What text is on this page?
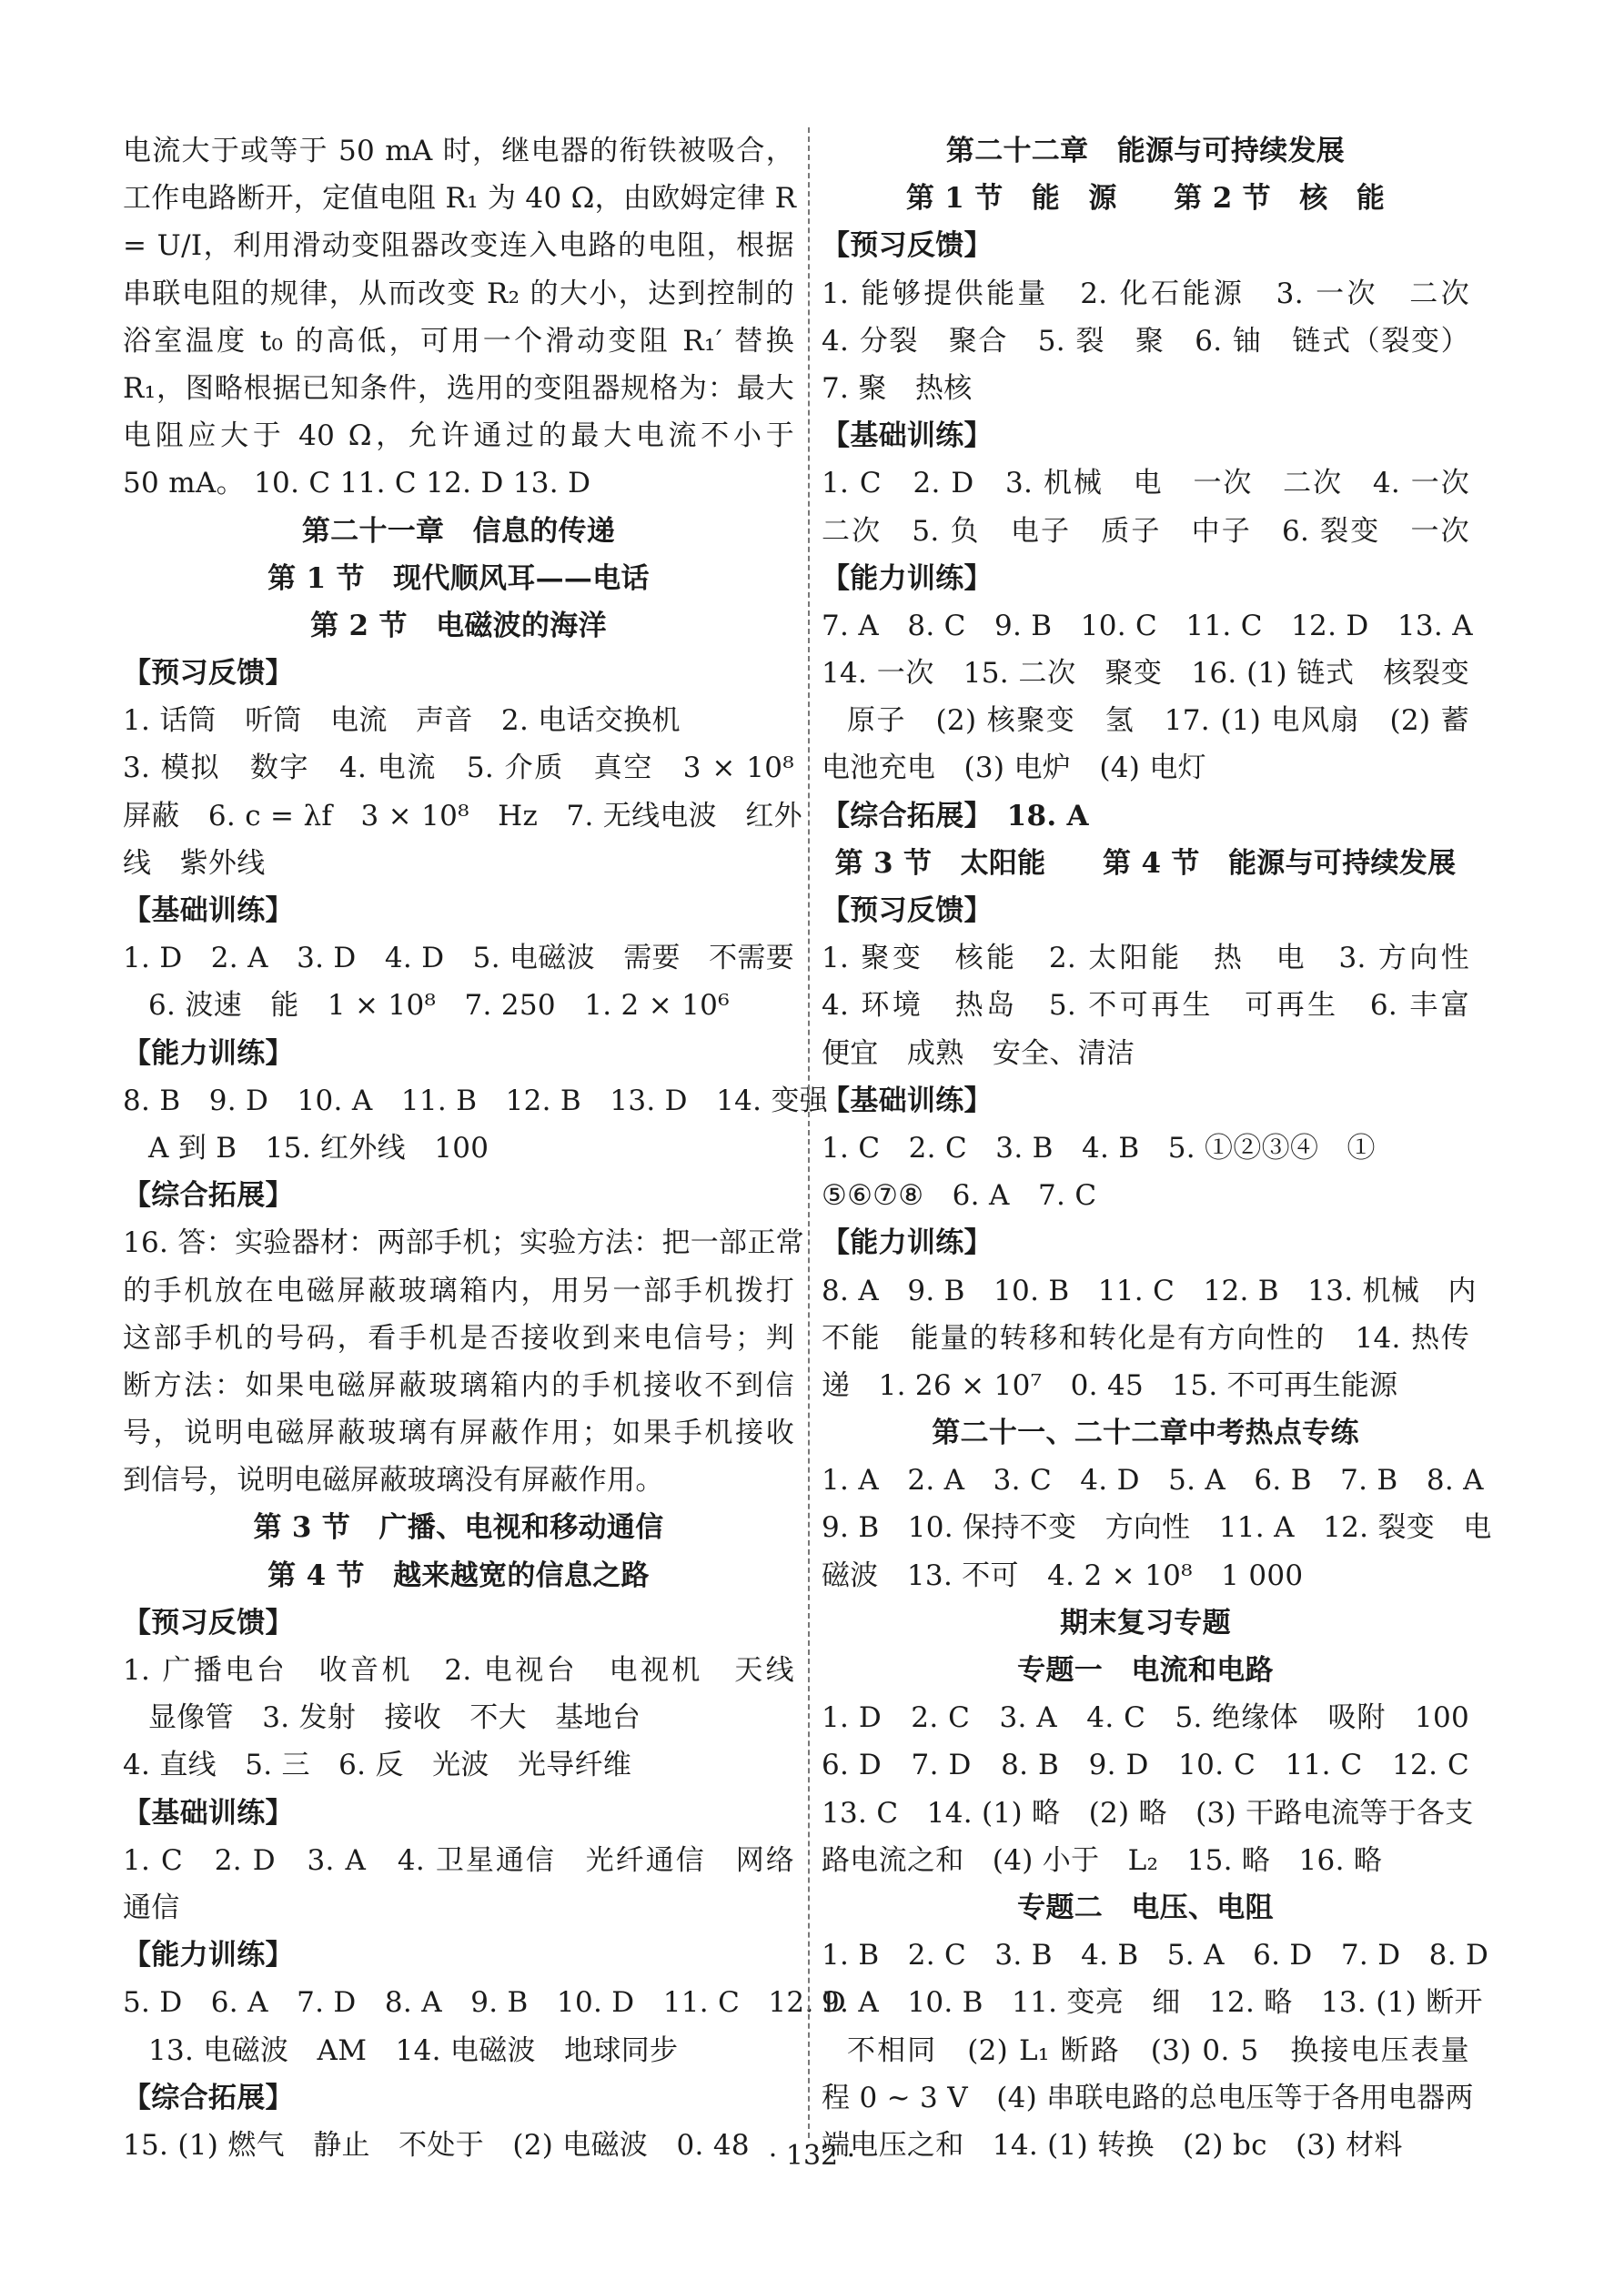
电流大于或等于 50 mA 时，继电器的衔铁被吸合，
工作电路断开，定值电阻 R₁ 为 40 Ω，由欧姆定律 R
= U/I，利用滑动变阻器改变连入电路的电阻，根据
串联电阻的规律，从而改变 R₂ 的大小，达到控制的
浴室温度 t₀ 的高低，可用一个滑动变阻 R₁′ 替换
R₁，图略根据已知条件，选用的变阻器规格为：最大
电阻应大于 40 Ω，允许通过的最大电流不小于
50 mA。 10. C 11. C 12. D 13. D
第二十一章　信息的传递
第 1 节　现代顺风耳——电话
第 2 节　电磁波的海洋
【预习反馈】
1. 话筒　听筒　电流　声音　2. 电话交换机
3. 模拟　数字　4. 电流　5. 介质　真空　3 × 10⁸
屏蔽　6. c = λf　3 × 10⁸　Hz　7. 无线电波　红外
线　紫外线
【基础训练】
1. D　2. A　3. D　4. D　5. 电磁波　需要　不需要
6. 波速　能　1 × 10⁸　7. 250　1. 2 × 10⁶
【能力训练】
8. B　9. D　10. A　11. B　12. B　13. D　14. 变强
A 到 B　15. 红外线　100
【综合拓展】
16. 答：实验器材：两部手机；实验方法：把一部正常
的手机放在电磁屏蔽玻璃箱内，用另一部手机拨打
这部手机的号码，看手机是否接收到来电信号；判
断方法：如果电磁屏蔽玻璃箱内的手机接收不到信
号，说明电磁屏蔽玻璃有屏蔽作用；如果手机接收
到信号，说明电磁屏蔽玻璃没有屏蔽作用。
第 3 节　广播、电视和移动通信
第 4 节　越来越宽的信息之路
【预习反馈】
1. 广播电台　收音机　2. 电视台　电视机　天线
显像管　3. 发射　接收　不大　基地台
4. 直线　5. 三　6. 反　光波　光导纤维
【基础训练】
1. C　2. D　3. A　4. 卫星通信　光纤通信　网络
通信
【能力训练】
5. D　6. A　7. D　8. A　9. B　10. D　11. C　12. D
13. 电磁波　AM　14. 电磁波　地球同步
【综合拓展】
15. (1) 燃气　静止　不处于　(2) 电磁波　0. 48
第二十二章　能源与可持续发展
第 1 节　能　源　　第 2 节　核　能
【预习反馈】
1. 能够提供能量　2. 化石能源　3. 一次　二次
4. 分裂　聚合　5. 裂　聚　6. 铀　链式（裂变）
7. 聚　热核
【基础训练】
1. C　2. D　3. 机械　电　一次　二次　4. 一次
二次　5. 负　电子　质子　中子　6. 裂变　一次
【能力训练】
7. A　8. C　9. B　10. C　11. C　12. D　13. A
14. 一次　15. 二次　聚变　16. (1) 链式　核裂变
原子　(2) 核聚变　氢　17. (1) 电风扇　(2) 蓄
电池充电　(3) 电炉　(4) 电灯
【综合拓展】　18. A
第 3 节　太阳能　　第 4 节　能源与可持续发展
【预习反馈】
1. 聚变　核能　2. 太阳能　热　电　3. 方向性
4. 环境　热岛　5. 不可再生　可再生　6. 丰富
便宜　成熟　安全、清洁
【基础训练】
1. C　2. C　3. B　4. B　5. ①②③④　①
⑤⑥⑦⑧　6. A　7. C
【能力训练】
8. A　9. B　10. B　11. C　12. B　13. 机械　内
不能　能量的转移和转化是有方向性的　14. 热传
递　1. 26 × 10⁷　0. 45　15. 不可再生能源
第二十一、二十二章中考热点专练
1. A　2. A　3. C　4. D　5. A　6. B　7. B　8. A
9. B　10. 保持不变　方向性　11. A　12. 裂变　电
磁波　13. 不可　4. 2 × 10⁸　1 000
期末复习专题
专题一　电流和电路
1. D　2. C　3. A　4. C　5. 绝缘体　吸附　100
6. D　7. D　8. B　9. D　10. C　11. C　12. C
13. C　14. (1) 略　(2) 略　(3) 干路电流等于各支
路电流之和　(4) 小于　L₂　15. 略　16. 略
专题二　电压、电阻
1. B　2. C　3. B　4. B　5. A　6. D　7. D　8. D
9. A　10. B　11. 变亮　细　12. 略　13. (1) 断开
不相同　(2) L₁ 断路　(3) 0. 5　换接电压表量
程 0 ~ 3 V　(4) 串联电路的总电压等于各用电器两
端电压之和　14. (1) 转换　(2) bc　(3) 材料
· 132 ·
